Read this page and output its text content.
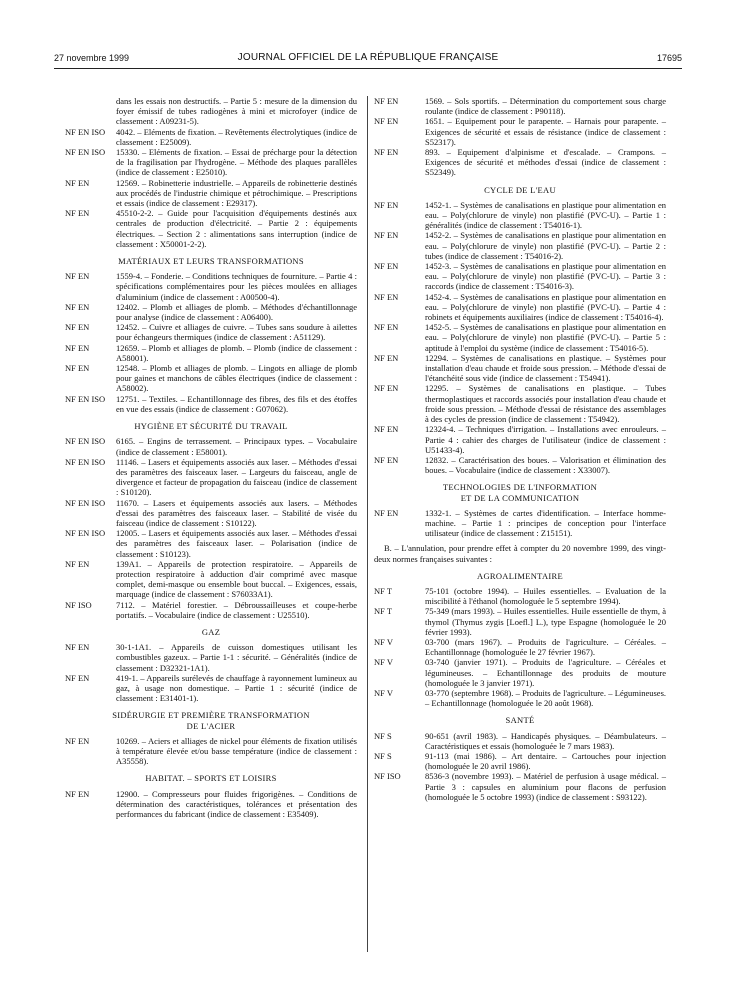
27 novembre 1999	JOURNAL OFFICIEL DE LA RÉPUBLIQUE FRANÇAISE	17695

dans les essais non destructifs. – Partie 5 : mesure de la dimension du foyer émissif de tubes radiogènes à mini et microfoyer (indice de classement : A09231-5).

NF EN ISO	4042. – Eléments de fixation. – Revêtements électrolytiques (indice de classement : E25009).

NF EN ISO	15330. – Eléments de fixation. – Essai de précharge pour la détection de la fragilisation par l'hydrogène. – Méthode des plaques parallèles (indice de classement : E25010).

NF EN	12569. – Robinetterie industrielle. – Appareils de robinetterie destinés aux procédés de l'industrie chimique et pétrochimique. – Prescriptions et essais (indice de classement : E29317).

NF EN	45510-2-2. – Guide pour l'acquisition d'équipements destinés aux centrales de production d'électricité. – Partie 2 : équipements électriques. – Section 2 : alimentations sans interruption (indice de classement : X50001-2-2).

MATÉRIAUX ET LEURS TRANSFORMATIONS

NF EN	1559-4. – Fonderie. – Conditions techniques de fourniture. – Partie 4 : spécifications complémentaires pour les pièces moulées en alliages d'aluminium (indice de classement : A00500-4).

NF EN	12402. – Plomb et alliages de plomb. – Méthodes d'échantillonnage pour analyse (indice de classement : A06400).

NF EN	12452. – Cuivre et alliages de cuivre. – Tubes sans soudure à ailettes pour échangeurs thermiques (indice de classement : A51129).

NF EN	12659. – Plomb et alliages de plomb. – Plomb (indice de classement : A58001).

NF EN	12548. – Plomb et alliages de plomb. – Lingots en alliage de plomb pour gaines et manchons de câbles électriques (indice de classement : A58002).

NF EN ISO	12751. – Textiles. – Echantillonnage des fibres, des fils et des étoffes en vue des essais (indice de classement : G07062).

HYGIÈNE ET SÉCURITÉ DU TRAVAIL

NF EN ISO	6165. – Engins de terrassement. – Principaux types. – Vocabulaire (indice de classement : E58001).

NF EN ISO	11146. – Lasers et équipements associés aux laser. – Méthodes d'essai des paramètres des faisceaux laser. – Largeurs du faisceau, angle de divergence et facteur de propagation du faisceau (indice de classement : S10120).

NF EN ISO	11670. – Lasers et équipements associés aux lasers. – Méthodes d'essai des paramètres des faisceaux laser. – Stabilité de visée du faisceau (indice de classement : S10122).

NF EN ISO	12005. – Lasers et équipements associés aux laser. – Méthodes d'essai des paramètres des faisceaux laser. – Polarisation (indice de classement : S10123).

NF EN	139A1. – Appareils de protection respiratoire. – Appareils de protection respiratoire à adduction d'air comprimé avec masque complet, demi-masque ou ensemble bout buccal. – Exigences, essais, marquage (indice de classement : S76033A1).

NF ISO	7112. – Matériel forestier. – Débroussailleuses et coupe-herbe portatifs. – Vocabulaire (indice de classement : U25510).

GAZ

NF EN	30-1-1A1. – Appareils de cuisson domestiques utilisant les combustibles gazeux. – Partie 1-1 : sécurité. – Généralités (indice de classement : D32321-1A1).

NF EN	419-1. – Appareils surélevés de chauffage à rayonnement lumineux au gaz, à usage non domestique. – Partie 1 : sécurité (indice de classement : E31401-1).

SIDÉRURGIE ET PREMIÈRE TRANSFORMATION
DE L'ACIER

NF EN	10269. – Aciers et alliages de nickel pour éléments de fixation utilisés à température élevée et/ou basse température (indice de classement : A35558).

HABITAT. – SPORTS ET LOISIRS

NF EN	12900. – Compresseurs pour fluides frigorigènes. – Conditions de détermination des caractéristiques, tolérances et présentation des performances du fabricant (indice de classement : E35409).

NF EN	1569. – Sols sportifs. – Détermination du comportement sous charge roulante (indice de classement : P90118).

NF EN	1651. – Equipement pour le parapente. – Harnais pour parapente. – Exigences de sécurité et essais de résistance (indice de classement : S52317).

NF EN	893. – Equipement d'alpinisme et d'escalade. – Crampons. – Exigences de sécurité et méthodes d'essai (indice de classement : S52349).

CYCLE DE L'EAU

NF EN	1452-1. – Systèmes de canalisations en plastique pour alimentation en eau. – Poly(chlorure de vinyle) non plastifié (PVC-U). – Partie 1 : généralités (indice de classement : T54016-1).

NF EN	1452-2. – Systèmes de canalisations en plastique pour alimentation en eau. – Poly(chlorure de vinyle) non plastifié (PVC-U). – Partie 2 : tubes (indice de classement : T54016-2).

NF EN	1452-3. – Systèmes de canalisations en plastique pour alimentation en eau. – Poly(chlorure de vinyle) non plastifié (PVC-U). – Partie 3 : raccords (indice de classement : T54016-3).

NF EN	1452-4. – Systèmes de canalisations en plastique pour alimentation en eau. – Poly(chlorure de vinyle) non plastifié (PVC-U). – Partie 4 : robinets et équipements auxiliaires (indice de classement : T54016-4).

NF EN	1452-5. – Systèmes de canalisations en plastique pour alimentation en eau. – Poly(chlorure de vinyle) non plastifié (PVC-U). – Partie 5 : aptitude à l'emploi du système (indice de classement : T54016-5).

NF EN	12294. – Systèmes de canalisations en plastique. – Systèmes pour installation d'eau chaude et froide sous pression. – Méthode d'essai de l'étanchéité sous vide (indice de classement : T54941).

NF EN	12295. – Systèmes de canalisations en plastique. – Tubes thermoplastiques et raccords associés pour installation d'eau chaude et froide sous pression. – Méthode d'essai de résistance des assemblages à des cycles de pression (indice de classement : T54942).

NF EN	12324-4. – Techniques d'irrigation. – Installations avec enrouleurs. – Partie 4 : cahier des charges de l'utilisateur (indice de classement : U51433-4).

NF EN	12832. – Caractérisation des boues. – Valorisation et élimination des boues. – Vocabulaire (indice de classement : X33007).

TECHNOLOGIES DE L'INFORMATION
ET DE LA COMMUNICATION

NF EN	1332-1. – Systèmes de cartes d'identification. – Interface homme-machine. – Partie 1 : principes de conception pour l'interface utilisateur (indice de classement : Z15151).

B. – L'annulation, pour prendre effet à compter du 20 novembre 1999, des vingt-deux normes françaises suivantes :

AGROALIMENTAIRE

NF T	75-101 (octobre 1994). – Huiles essentielles. – Evaluation de la miscibilité à l'éthanol (homologuée le 5 septembre 1994).

NF T	75-349 (mars 1993). – Huiles essentielles. Huile essentielle de thym, à thymol (Thymus zygis [Loefl.] L.), type Espagne (homologuée le 20 février 1993).

NF V	03-700 (mars 1967). – Produits de l'agriculture. – Céréales. – Echantillonnage (homologuée le 27 février 1967).

NF V	03-740 (janvier 1971). – Produits de l'agriculture. – Céréales et légumineuses. – Echantillonnage des produits de mouture (homologuée le 3 janvier 1971).

NF V	03-770 (septembre 1968). – Produits de l'agriculture. – Légumineuses. – Echantillonnage (homologuée le 20 août 1968).

SANTÉ

NF S	90-651 (avril 1983). – Handicapés physiques. – Déambulateurs. – Caractéristiques et essais (homologuée le 7 mars 1983).

NF S	91-113 (mai 1986). – Art dentaire. – Cartouches pour injection (homologuée le 20 avril 1986).

NF ISO	8536-3 (novembre 1993). – Matériel de perfusion à usage médical. – Partie 3 : capsules en aluminium pour flacons de perfusion (homologuée le 5 octobre 1993) (indice de classement : S93122).
